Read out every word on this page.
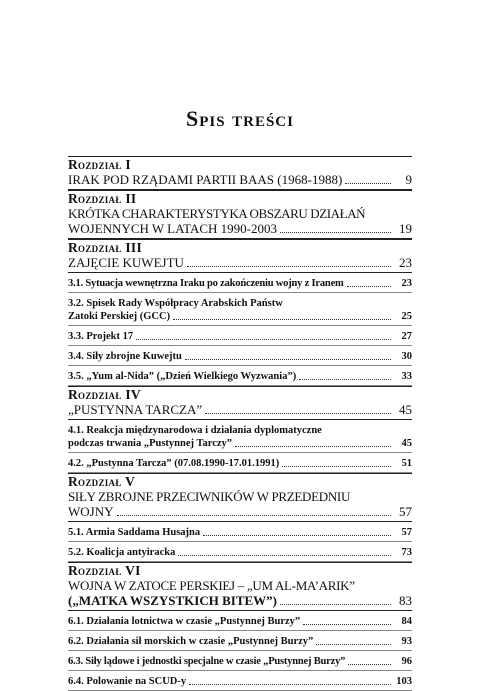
Spis treści
Rozdział I
IRAK POD RZĄDAMI PARTII BAAS (1968-1988)	9
Rozdział II
KRÓTKA CHARAKTERYSTYKA OBSZARU DZIAŁAŃ
WOJENNYCH W LATACH 1990-2003	19
Rozdział III
ZAJĘCIE KUWEJTU	23
3.1. Sytuacja wewnętrzna Iraku po zakończeniu wojny z Iranem	23
3.2. Spisek Rady Współpracy Arabskich Państw
Zatoki Perskiej (GCC)	25
3.3. Projekt 17	27
3.4. Siły zbrojne Kuwejtu	30
3.5. „Yum al-Nida” („Dzień Wielkiego Wyzwania”)	33
Rozdział IV
„PUSTYNNA TARCZA”	45
4.1. Reakcja międzynarodowa i działania dyplomatyczne
podczas trwania „Pustynnej Tarczy”	45
4.2. „Pustynna Tarcza” (07.08.1990-17.01.1991)	51
Rozdział V
SIŁY ZBROJNE PRZECIWNIKÓW W PRZEDEDNIU
WOJNY	57
5.1. Armia Saddama Husajna	57
5.2. Koalicja antyiracka	73
Rozdział VI
WOJNA W ZATOCE PERSKIEJ – „UM AL-MA’ARIK”
(„MATKA WSZYSTKICH BITEW”)	83
6.1. Działania lotnictwa w czasie „Pustynnej Burzy”	84
6.2. Działania sił morskich w czasie „Pustynnej Burzy”	93
6.3. Siły lądowe i jednostki specjalne w czasie „Pustynnej Burzy”	96
6.4. Polowanie na SCUD-y	103
